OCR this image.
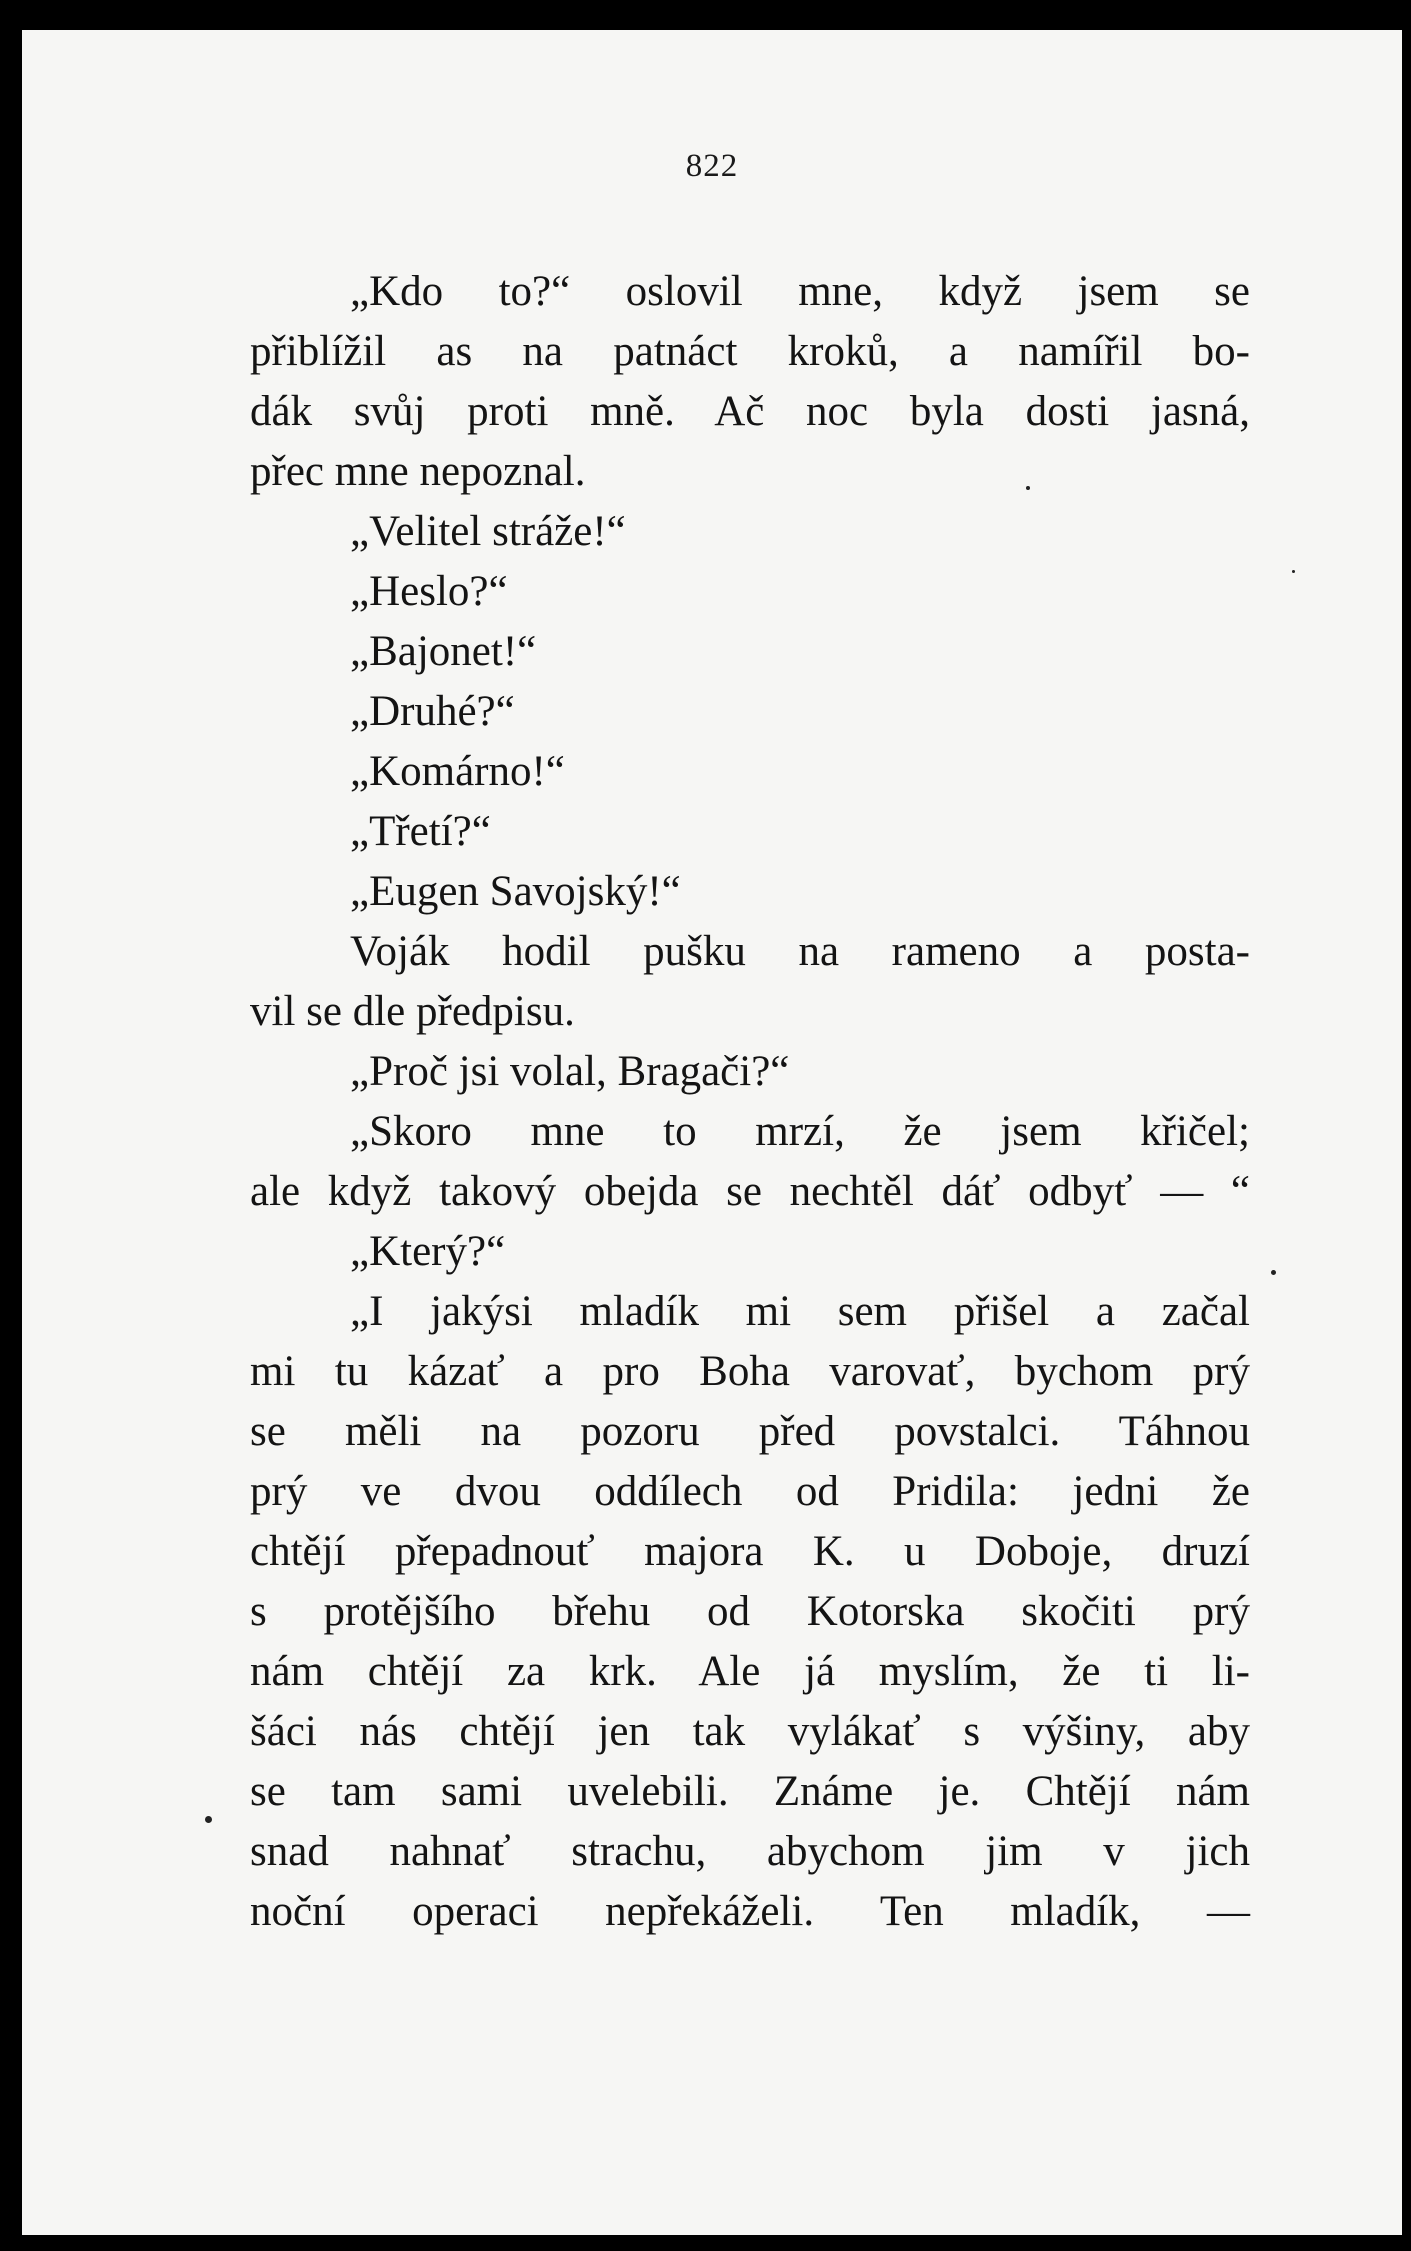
822
„Kdo to?“ oslovil mne, když jsem se
přiblížil as na patnáct kroků, a namířil bo-
dák svůj proti mně. Ač noc byla dosti jasná,
přec mne nepoznal.
„Velitel stráže!“
„Heslo?“
„Bajonet!“
„Druhé?“
„Komárno!“
„Třetí?“
„Eugen Savojský!“
Voják hodil pušku na rameno a posta-
vil se dle předpisu.
„Proč jsi volal, Bragači?“
„Skoro mne to mrzí, že jsem křičel;
ale když takový obejda se nechtěl dáť odbyť — “
„Který?“
„I jakýsi mladík mi sem přišel a začal
mi tu kázať a pro Boha varovať, bychom prý
se měli na pozoru před povstalci. Táhnou
prý ve dvou oddílech od Pridila: jedni že
chtějí přepadnouť majora K. u Doboje, druzí
s protějšího břehu od Kotorska skočiti prý
nám chtějí za krk. Ale já myslím, že ti li-
šáci nás chtějí jen tak vylákať s výšiny, aby
se tam sami uvelebili. Známe je. Chtějí nám
snad nahnať strachu, abychom jim v jich
noční operaci nepřekáželi. Ten mladík, —
